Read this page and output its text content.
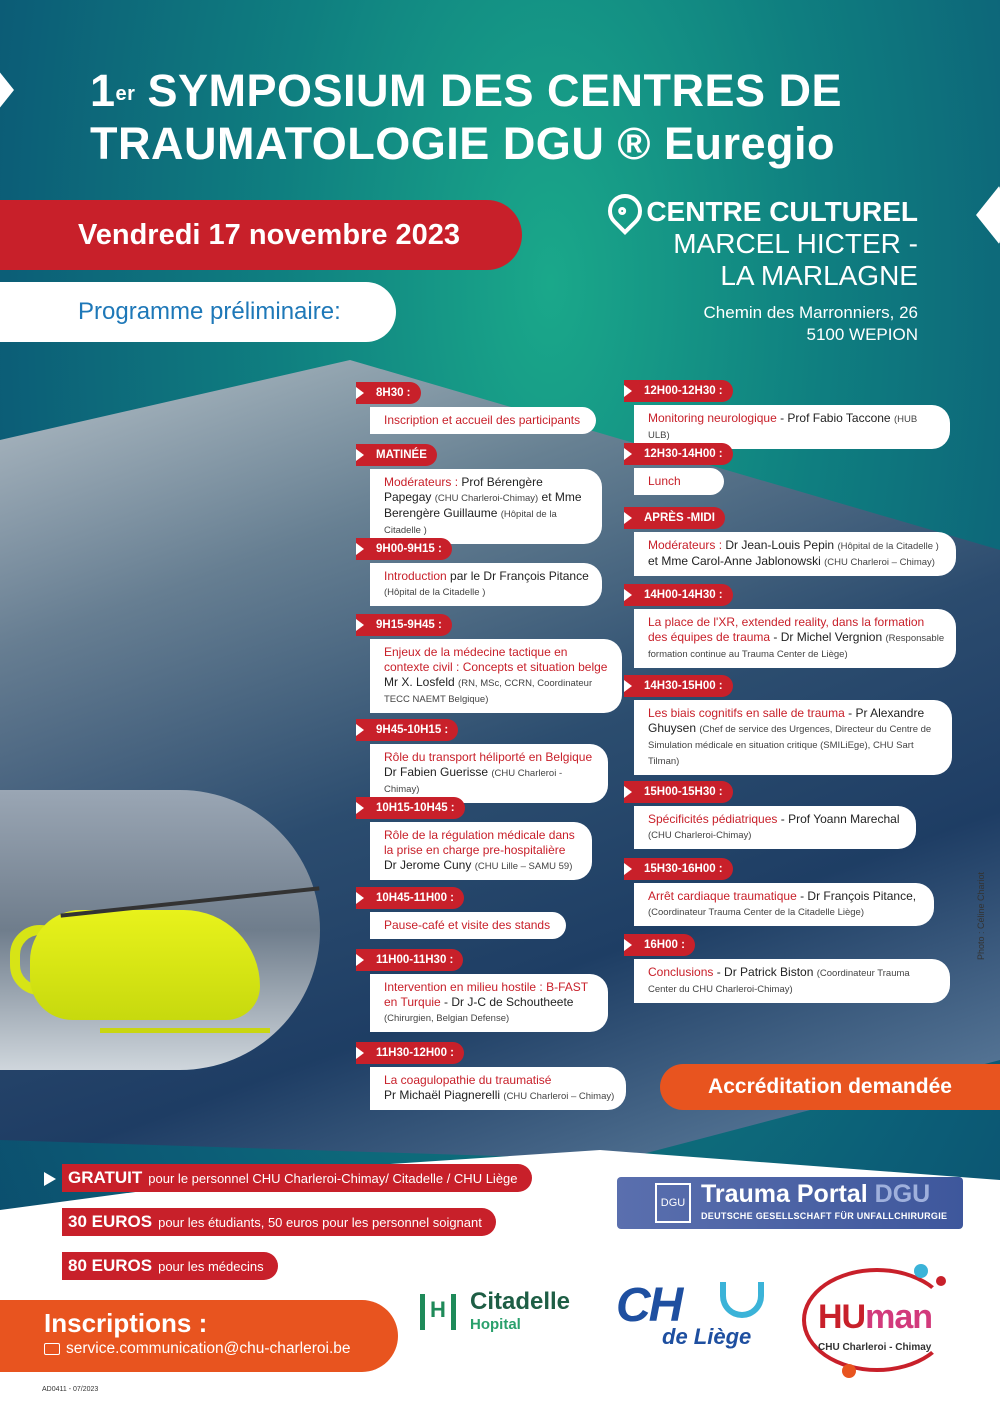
Photo : Céline Chariot
1er SYMPOSIUM DES CENTRES DE
TRAUMATOLOGIE DGU ® Euregio
Vendredi 17 novembre 2023
Programme préliminaire:
CENTRE CULTUREL
MARCEL HICTER -
LA MARLAGNE
Chemin des Marronniers, 26
5100 WEPION
8H30 :
Inscription et accueil des participants
MATINÉE
Modérateurs : Prof Bérengère Papegay (CHU Charleroi-Chimay) et Mme Berengère Guillaume (Hôpital de la Citadelle )
9H00-9H15 :
Introduction par le Dr François Pitance
(Hôpital de la Citadelle )
9H15-9H45 :
Enjeux de la médecine tactique en contexte civil : Concepts et situation belge
Mr X. Losfeld (RN, MSc, CCRN, Coordinateur TECC NAEMT Belgique)
9H45-10H15 :
Rôle du transport héliporté en Belgique
Dr Fabien Guerisse (CHU Charleroi - Chimay)
10H15-10H45 :
Rôle de la régulation médicale dans la prise en charge pre-hospitalière
Dr Jerome Cuny (CHU Lille – SAMU 59)
10H45-11H00 :
Pause-café et visite des stands
11H00-11H30 :
Intervention en milieu hostile : B-FAST en Turquie - Dr J-C de Schoutheete (Chirurgien, Belgian Defense)
11H30-12H00 :
La coagulopathie du traumatisé
Pr Michaël Piagnerelli (CHU Charleroi – Chimay)
12H00-12H30 :
Monitoring neurologique - Prof Fabio Taccone (HUB ULB)
12H30-14H00 :
Lunch
APRÈS -MIDI
Modérateurs : Dr Jean-Louis Pepin (Hôpital de la Citadelle )
et Mme Carol-Anne Jablonowski (CHU Charleroi – Chimay)
14H00-14H30 :
La place de l'XR, extended reality, dans la formation des équipes de trauma - Dr Michel Vergnion (Responsable formation continue au Trauma Center de Liège)
14H30-15H00 :
Les biais cognitifs en salle de trauma - Pr Alexandre Ghuysen (Chef de service des Urgences, Directeur du Centre de Simulation médicale en situation critique (SMILiEge), CHU Sart Tilman)
15H00-15H30 :
Spécificités pédiatriques - Prof Yoann Marechal
(CHU Charleroi-Chimay)
15H30-16H00 :
Arrêt cardiaque traumatique - Dr François Pitance,
(Coordinateur Trauma Center de la Citadelle Liège)
16H00 :
Conclusions - Dr Patrick Biston (Coordinateur Trauma Center du CHU Charleroi-Chimay)
Accréditation demandée
GRATUIT pour le personnel CHU Charleroi-Chimay/ Citadelle / CHU Liège
30 EUROS pour les étudiants, 50 euros pour les personnel soignant
80 EUROS pour les médecins
Inscriptions :
service.communication@chu-charleroi.be
AD0411 - 07/2023
DGU Trauma Portal DGU
DEUTSCHE GESELLSCHAFT FÜR UNFALLCHIRURGIE
H	Citadelle
Hopital CH
de Liège
HUman
CHU Charleroi - Chimay
